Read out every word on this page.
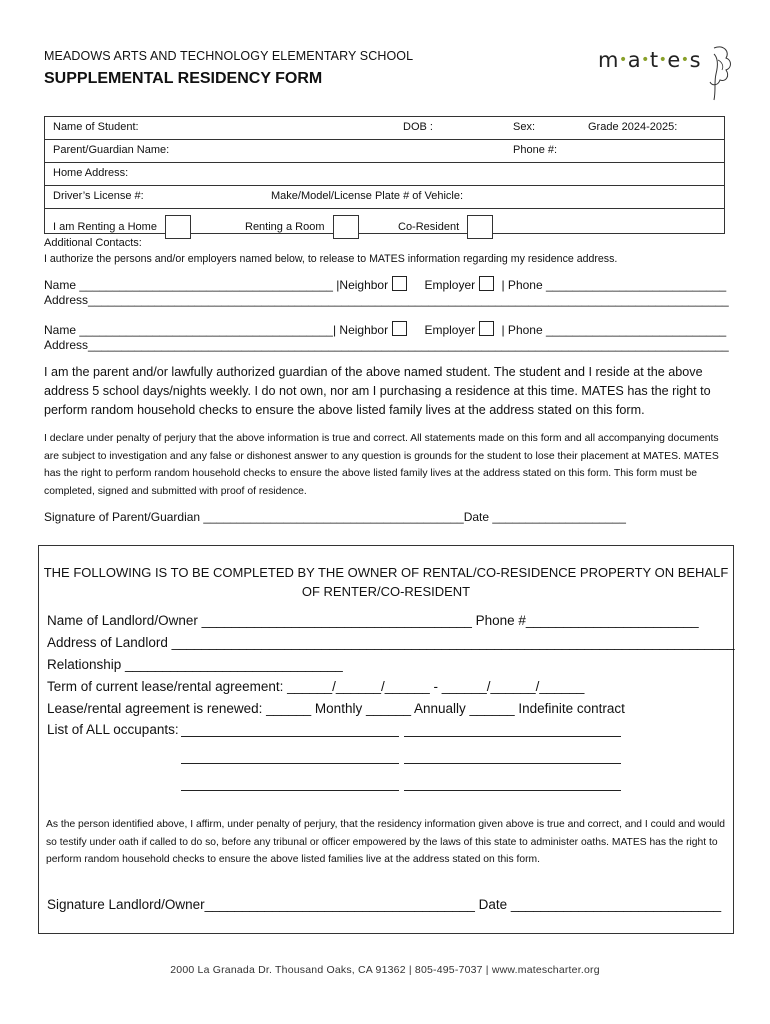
MEADOWS ARTS AND TECHNOLOGY ELEMENTARY SCHOOL
SUPPLEMENTAL RESIDENCY FORM
m•a•t•e•s
Name of Student:	DOB :	Sex:	Grade 2024-2025:
Parent/Guardian Name:	Phone #:
Home Address:
Driver’s License #:	Make/Model/License Plate # of Vehicle:
I am Renting a Home	Renting a Room	Co-Resident
Additional Contacts:
I authorize the persons and/or employers named below, to release to MATES information regarding my residence address.
Name ______________________________________ |Neighbor	Employer | Phone ___________________________
Address________________________________________________________________________________________________
Name ______________________________________| Neighbor	Employer | Phone ___________________________
Address________________________________________________________________________________________________
I am the parent and/or lawfully authorized guardian of the above named student. The student and I reside at the above address 5 school days/nights weekly. I do not own, nor am I purchasing a residence at this time. MATES has the right to perform random household checks to ensure the above listed family lives at the address stated on this form.
I declare under penalty of perjury that the above information is true and correct. All statements made on this form and all accompanying documents are subject to investigation and any false or dishonest answer to any question is grounds for the student to lose their placement at MATES. MATES has the right to perform random household checks to ensure the above listed family lives at the address stated on this form. This form must be completed, signed and submitted with proof of residence.
Signature of Parent/Guardian _______________________________________Date ____________________
THE FOLLOWING IS TO BE COMPLETED BY THE OWNER OF RENTAL/CO-RESIDENCE PROPERTY ON BEHALF OF RENTER/CO-RESIDENT
Name of Landlord/Owner ____________________________________ Phone #_______________________
Address of Landlord ___________________________________________________________________________
Relationship _____________________________
Term of current lease/rental agreement: ______/______/______ - ______/______/______
Lease/rental agreement is renewed: ______ Monthly ______ Annually ______ Indefinite contract
List of ALL occupants:
As the person identified above, I affirm, under penalty of perjury, that the residency information given above is true and correct, and I could and would so testify under oath if called to do so, before any tribunal or officer empowered by the laws of this state to administer oaths. MATES has the right to perform random household checks to ensure the above listed families live at the address stated on this form.
Signature Landlord/Owner____________________________________ Date ____________________________
2000 La Granada Dr. Thousand Oaks, CA 91362 | 805-495-7037 | www.matescharter.org
